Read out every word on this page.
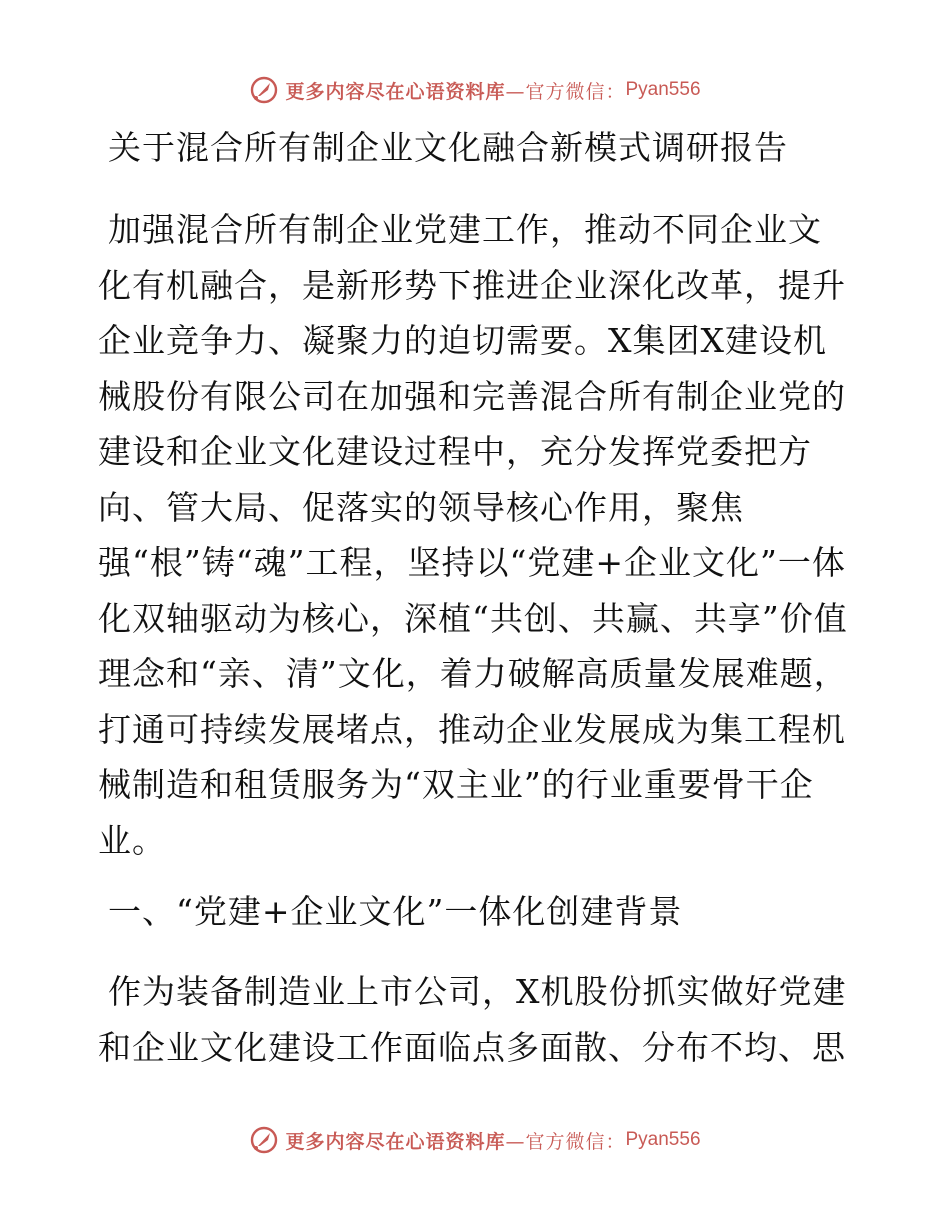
更多内容尽在心语资料库 —官方微信： Pyan556
关于混合所有制企业文化融合新模式调研报告

加强混合所有制企业党建工作，推动不同企业文化有机融合，是新形势下推进企业深化改革，提升企业竞争力、凝聚力的迫切需要。X集团X建设机械股份有限公司在加强和完善混合所有制企业党的建设和企业文化建设过程中，充分发挥党委把方向、管大局、促落实的领导核心作用，聚焦强“根”铸“魂”工程，坚持以“党建+企业文化”一体化双轴驱动为核心，深植“共创、共赢、共享”价值理念和“亲、清”文化，着力破解高质量发展难题，打通可持续发展堵点，推动企业发展成为集工程机械制造和租赁服务为“双主业”的行业重要骨干企业。

一、“党建+企业文化”一体化创建背景

作为装备制造业上市公司，X机股份抓实做好党建和企业文化建设工作面临点多面散、分布不均、思

更多内容尽在心语资料库 —官方微信： Pyan556
